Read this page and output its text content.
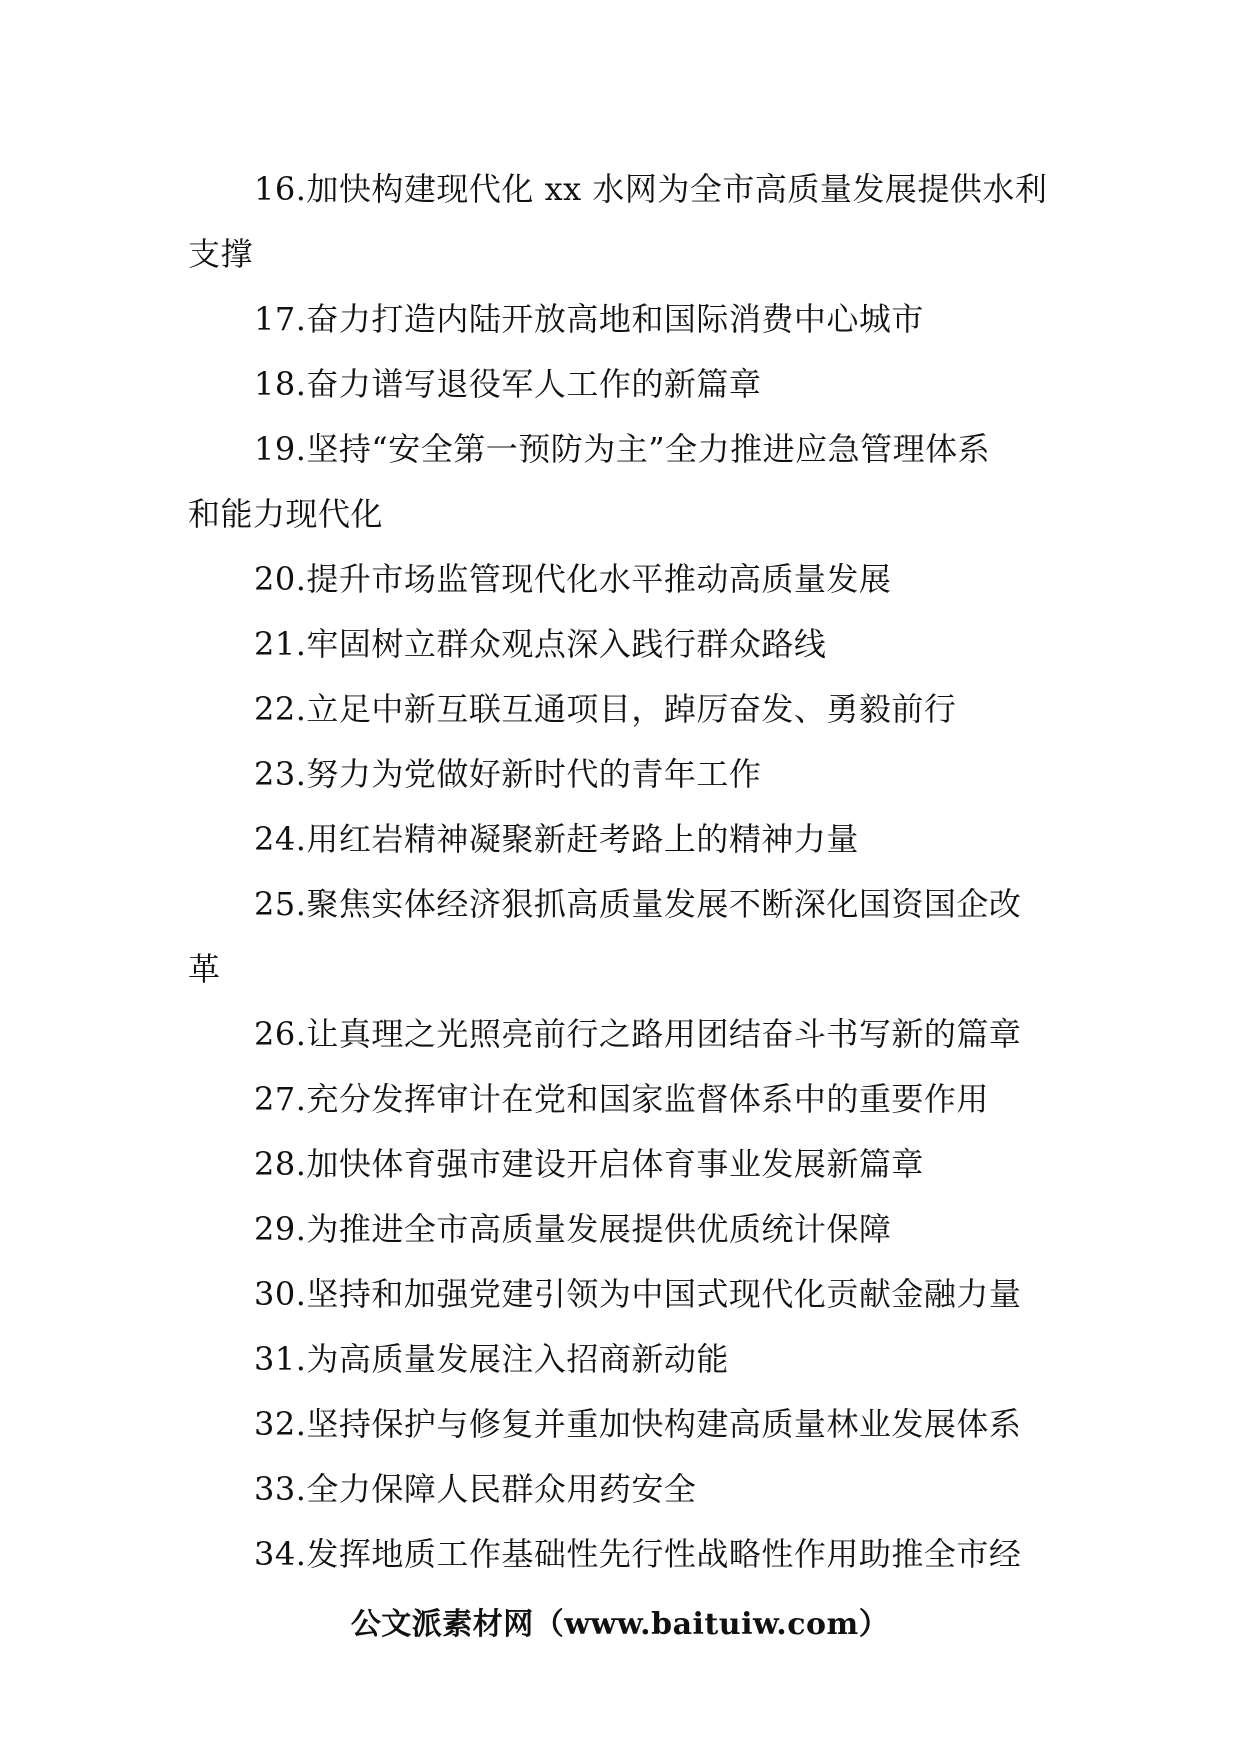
16.加快构建现代化 xx 水网为全市高质量发展提供水利
支撑
17.奋力打造内陆开放高地和国际消费中心城市
18.奋力谱写退役军人工作的新篇章
19.坚持“安全第一预防为主”全力推进应急管理体系
和能力现代化
20.提升市场监管现代化水平推动高质量发展
21.牢固树立群众观点深入践行群众路线
22.立足中新互联互通项目，踔厉奋发、勇毅前行
23.努力为党做好新时代的青年工作
24.用红岩精神凝聚新赶考路上的精神力量
25.聚焦实体经济狠抓高质量发展不断深化国资国企改
革
26.让真理之光照亮前行之路用团结奋斗书写新的篇章
27.充分发挥审计在党和国家监督体系中的重要作用
28.加快体育强市建设开启体育事业发展新篇章
29.为推进全市高质量发展提供优质统计保障
30.坚持和加强党建引领为中国式现代化贡献金融力量
31.为高质量发展注入招商新动能
32.坚持保护与修复并重加快构建高质量林业发展体系
33.全力保障人民群众用药安全
34.发挥地质工作基础性先行性战略性作用助推全市经
公文派素材网（www.baituiw.com）
